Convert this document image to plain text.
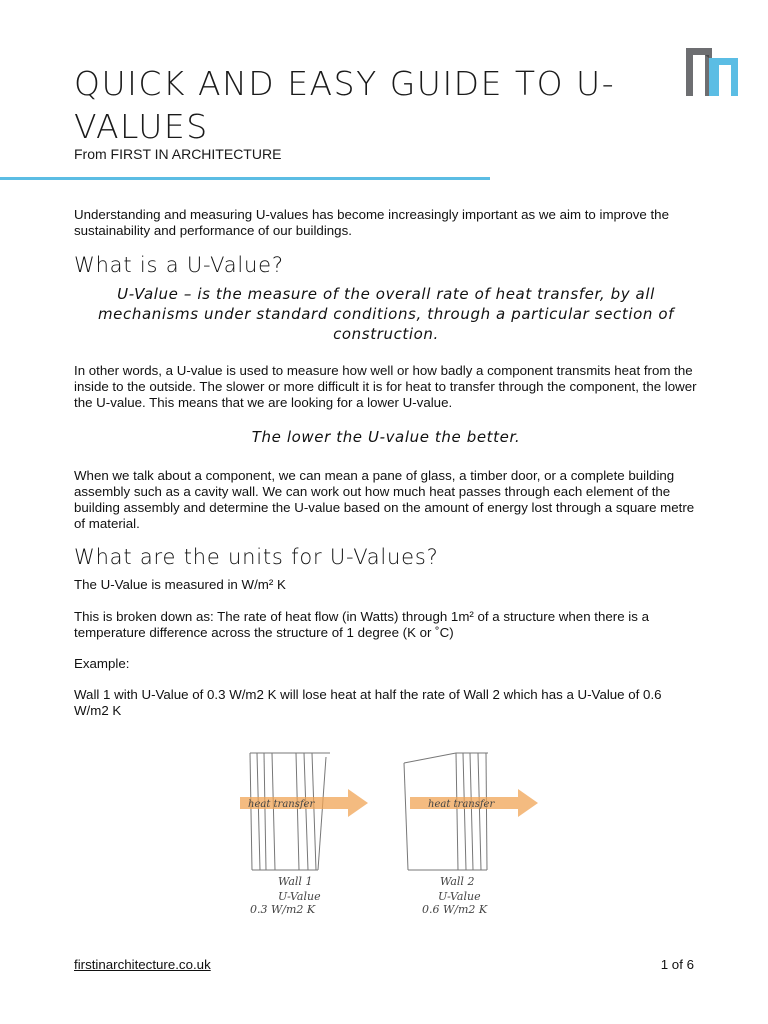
QUICK AND EASY GUIDE TO U-VALUES
From FIRST IN ARCHITECTURE

Understanding and measuring U-values has become increasingly important as we aim to improve the sustainability and performance of our buildings.

What is a U-Value?

U-Value – is the measure of the overall rate of heat transfer, by all mechanisms under standard conditions, through a particular section of construction.

In other words, a U-value is used to measure how well or how badly a component transmits heat from the inside to the outside. The slower or more difficult it is for heat to transfer through the component, the lower the U-value. This means that we are looking for a lower U-value.

The lower the U-value the better.

When we talk about a component, we can mean a pane of glass, a timber door, or a complete building assembly such as a cavity wall. We can work out how much heat passes through each element of the building assembly and determine the U-value based on the amount of energy lost through a square metre of material.

What are the units for U-Values?

The U-Value is measured in W/m² K

This is broken down as: The rate of heat flow (in Watts) through 1m² of a structure when there is a temperature difference across the structure of 1 degree (K or ˚C)

Example:

Wall 1 with U-Value of 0.3 W/m2 K will lose heat at half the rate of Wall 2 which has a U-Value of 0.6 W/m2 K

heat transfer
Wall 1
U-Value
0.3 W/m2 K
heat transfer
Wall 2
U-Value
0.6 W/m2 K
firstinarchitecture.co.uk	1 of 6
